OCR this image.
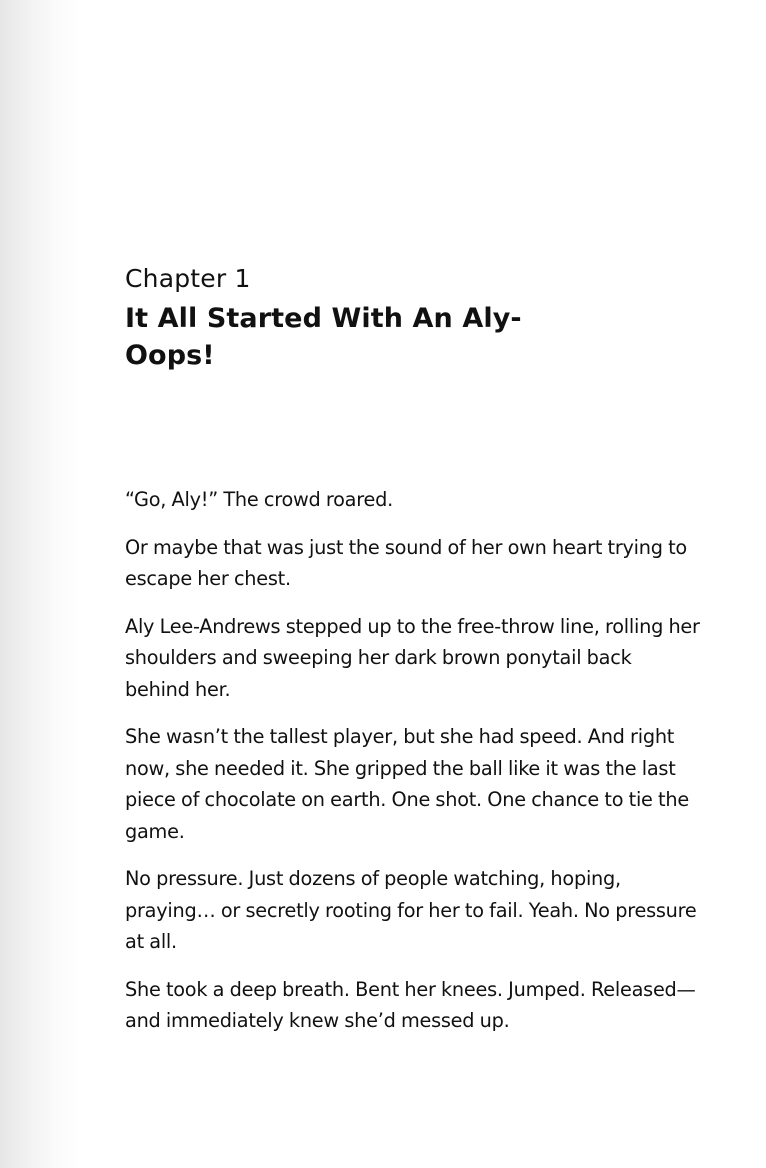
Chapter 1
It All Started With An Aly-Oops!

“Go, Aly!” The crowd roared.

Or maybe that was just the sound of her own heart trying to escape her chest.

Aly Lee-Andrews stepped up to the free-throw line, rolling her shoulders and sweeping her dark brown ponytail back behind her.

She wasn’t the tallest player, but she had speed. And right now, she needed it. She gripped the ball like it was the last piece of chocolate on earth. One shot. One chance to tie the game.

No pressure. Just dozens of people watching, hoping, praying… or secretly rooting for her to fail. Yeah. No pressure at all.

She took a deep breath. Bent her knees. Jumped. Released— and immediately knew she’d messed up.
